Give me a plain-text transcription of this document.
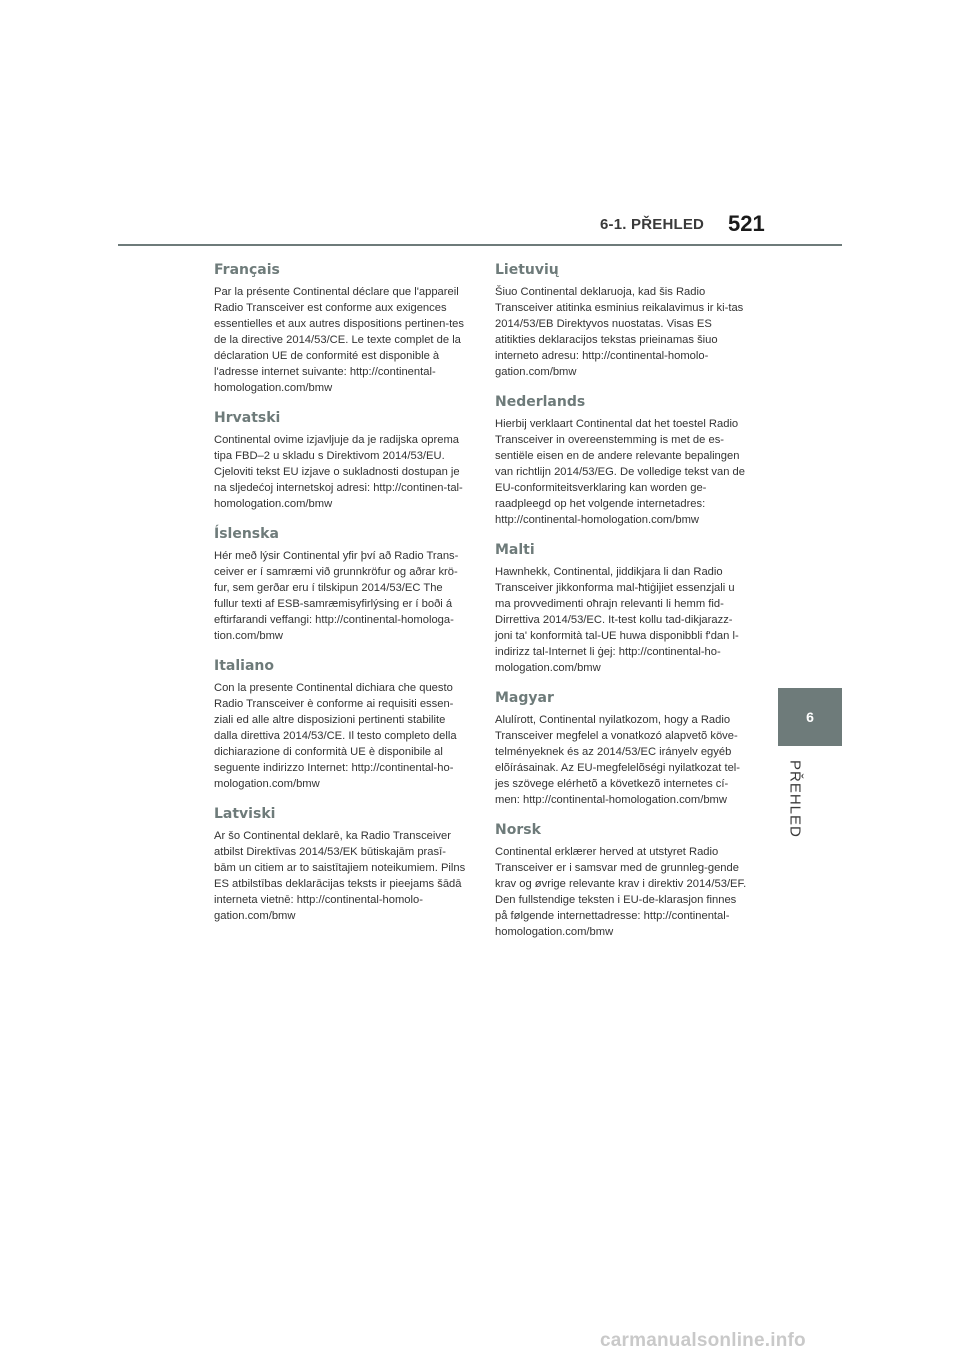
6-1. PŘEHLED 521
6
PŘEHLED
Français

Par la présente Continental déclare que l'appareil Radio Transceiver est conforme aux exigences essentielles et aux autres dispositions pertinen-tes de la directive 2014/53/CE. Le texte complet de la déclaration UE de conformité est disponible à l'adresse internet suivante: http://continental-homologation.com/bmw

Hrvatski

Continental ovime izjavljuje da je radijska oprema tipa FBD–2 u skladu s Direktivom 2014/53/EU. Cjeloviti tekst EU izjave o sukladnosti dostupan je na sljedećoj internetskoj adresi: http://continen-tal-homologation.com/bmw

Íslenska

Hér með lýsir Continental yfir því að Radio Trans-ceiver er í samræmi við grunnkröfur og aðrar krö-fur, sem gerðar eru í tilskipun 2014/53/EC The fullur texti af ESB-samræmisyfirlýsing er í boði á eftirfarandi veffangi: http://continental-homologa-tion.com/bmw

Italiano

Con la presente Continental dichiara che questo Radio Transceiver è conforme ai requisiti essen-ziali ed alle altre disposizioni pertinenti stabilite dalla direttiva 2014/53/CE. Il testo completo della dichiarazione di conformità UE è disponibile al seguente indirizzo Internet: http://continental-ho-mologation.com/bmw

Latviski

Ar šo Continental deklarē, ka Radio Transceiver atbilst Direktīvas 2014/53/EK būtiskajām prasī-bām un citiem ar to saistītajiem noteikumiem. Pilns ES atbilstības deklarācijas teksts ir pieejams šādā interneta vietnē: http://continental-homolo-gation.com/bmw

Lietuvių

Šiuo Continental deklaruoja, kad šis Radio Transceiver atitinka esminius reikalavimus ir ki-tas 2014/53/EB Direktyvos nuostatas. Visas ES atitikties deklaracijos tekstas prieinamas šiuo interneto adresu: http://continental-homolo-gation.com/bmw

Nederlands

Hierbij verklaart Continental dat het toestel Radio Transceiver in overeenstemming is met de es-sentiële eisen en de andere relevante bepalingen van richtlijn 2014/53/EG. De volledige tekst van de EU-conformiteitsverklaring kan worden ge-raadpleegd op het volgende internetadres: http://continental-homologation.com/bmw

Malti

Hawnhekk, Continental, jiddikjara li dan Radio Transceiver jikkonforma mal-ħtiġijiet essenzjali u ma provvedimenti oħrajn relevanti li hemm fid-Dirrettiva 2014/53/EC. It-test kollu tad-dikjarazz-joni ta' konformità tal-UE huwa disponibbli f'dan l-indirizz tal-Internet li ġej: http://continental-ho-mologation.com/bmw

Magyar

Alulírott, Continental nyilatkozom, hogy a Radio Transceiver megfelel a vonatkozó alapvetõ köve-telményeknek és az 2014/53/EC irányelv egyéb elõírásainak. Az EU-megfelelõségi nyilatkozat tel-jes szövege elérhetõ a következõ internetes cí-men: http://continental-homologation.com/bmw

Norsk

Continental erklærer herved at utstyret Radio Transceiver er i samsvar med de grunnleg-gende krav og øvrige relevante krav i direktiv 2014/53/EF. Den fullstendige teksten i EU-de-klarasjon finnes på følgende internettadresse: http://continental-homologation.com/bmw

carmanualsonline.info
